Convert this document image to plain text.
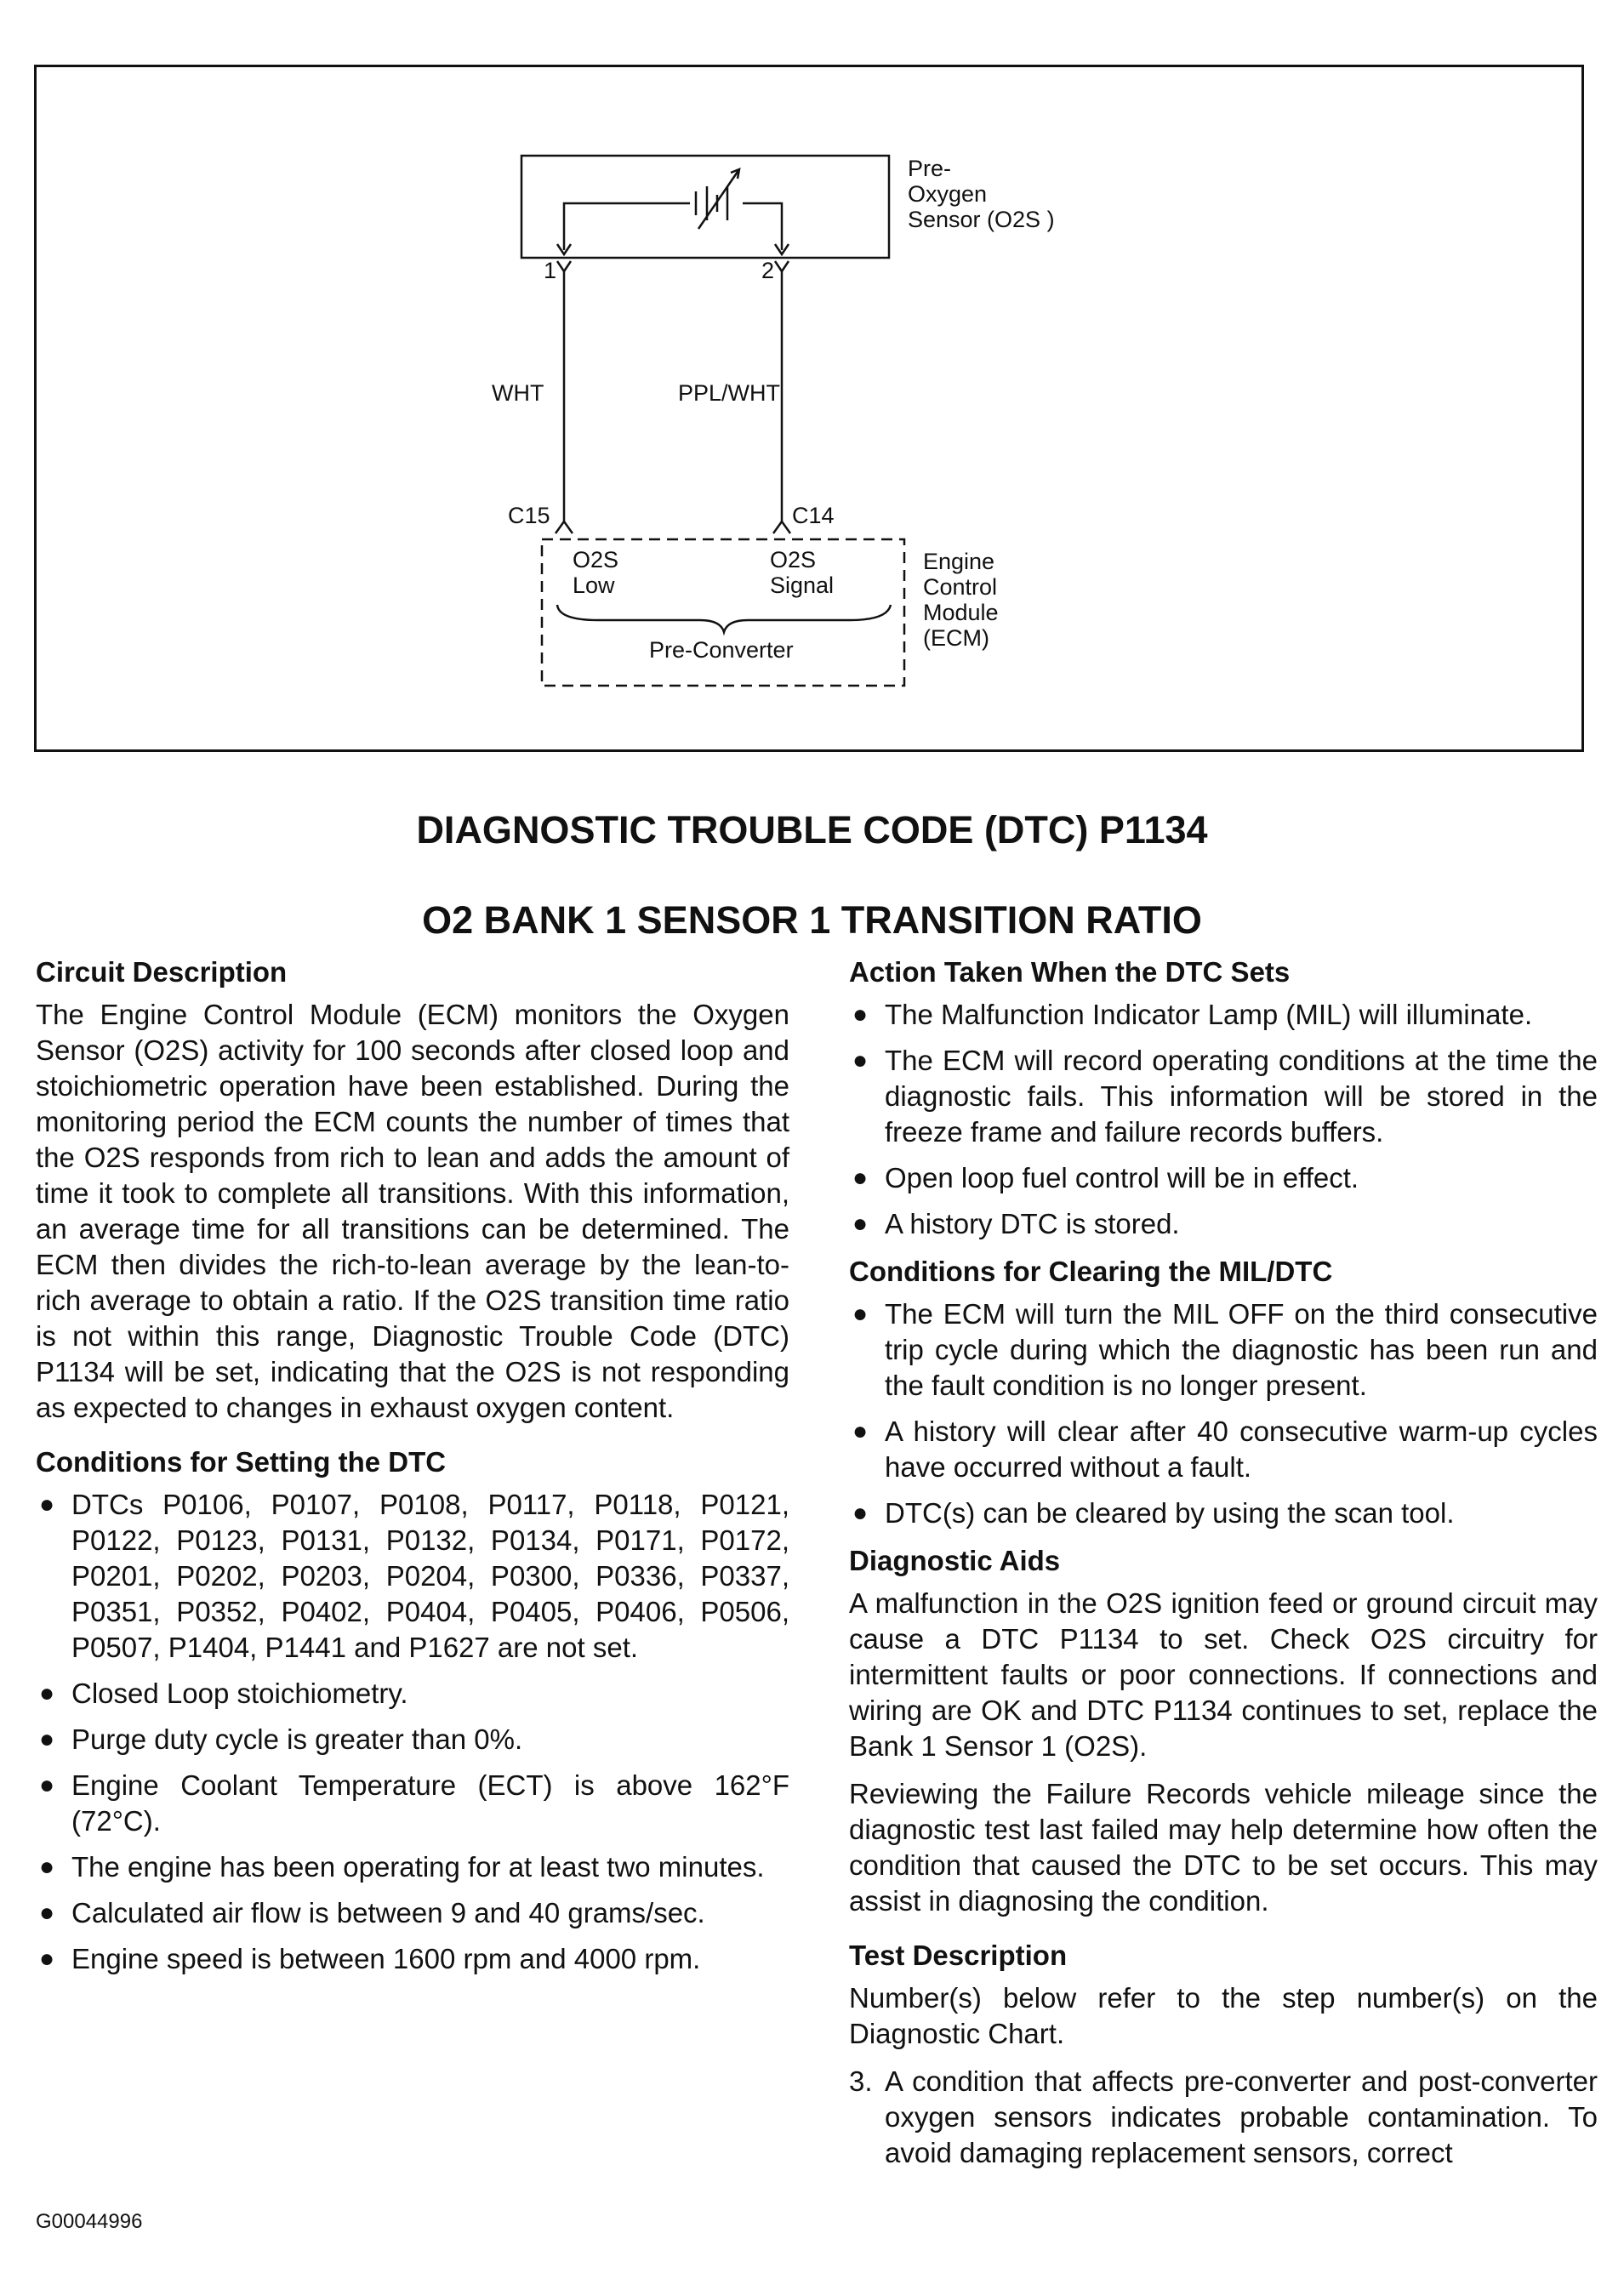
1	2
Pre-
Oxygen
Sensor (O2S )
WHT	PPL/WHT
C15	C14
O2S
Low
O2S
Signal
Pre-Converter
Engine
Control
Module
(ECM)
DIAGNOSTIC TROUBLE CODE (DTC) P1134
O2 BANK 1 SENSOR 1 TRANSITION RATIO
Circuit Description

The Engine Control Module (ECM) monitors the Oxygen Sensor (O2S) activity for 100 seconds after closed loop and stoichiometric operation have been established. During the monitoring period the ECM counts the number of times that the O2S responds from rich to lean and adds the amount of time it took to complete all transitions. With this information, an average time for all transitions can be determined. The ECM then divides the rich-to-lean average by the lean-to-rich average to obtain a ratio. If the O2S transition time ratio is not within this range, Diagnostic Trouble Code (DTC) P1134 will be set, indicating that the O2S is not responding as expected to changes in exhaust oxygen content.

Conditions for Setting the DTC
● DTCs P0106, P0107, P0108, P0117, P0118, P0121, P0122, P0123, P0131, P0132, P0134, P0171, P0172, P0201, P0202, P0203, P0204, P0300, P0336, P0337, P0351, P0352, P0402, P0404, P0405, P0406, P0506, P0507, P1404, P1441 and P1627 are not set.
● Closed Loop stoichiometry.
● Purge duty cycle is greater than 0%.
● Engine Coolant Temperature (ECT) is above 162°F (72°C).
● The engine has been operating for at least two minutes.
● Calculated air flow is between 9 and 40 grams/sec.
● Engine speed is between 1600 rpm and 4000 rpm.
Action Taken When the DTC Sets
● The Malfunction Indicator Lamp (MIL) will illuminate.
● The ECM will record operating conditions at the time the diagnostic fails. This information will be stored in the freeze frame and failure records buffers.
● Open loop fuel control will be in effect.
● A history DTC is stored.
Conditions for Clearing the MIL/DTC
● The ECM will turn the MIL OFF on the third consecutive trip cycle during which the diagnostic has been run and the fault condition is no longer present.
● A history will clear after 40 consecutive warm-up cycles have occurred without a fault.
● DTC(s) can be cleared by using the scan tool.
Diagnostic Aids

A malfunction in the O2S ignition feed or ground circuit may cause a DTC P1134 to set. Check O2S circuitry for intermittent faults or poor connections. If connections and wiring are OK and DTC P1134 continues to set, replace the Bank 1 Sensor 1 (O2S).

Reviewing the Failure Records vehicle mileage since the diagnostic test last failed may help determine how often the condition that caused the DTC to be set occurs. This may assist in diagnosing the condition.

Test Description

Number(s) below refer to the step number(s) on the Diagnostic Chart.

3. A condition that affects pre-converter and post-converter oxygen sensors indicates probable contamination. To avoid damaging replacement sensors, correct
G00044996
